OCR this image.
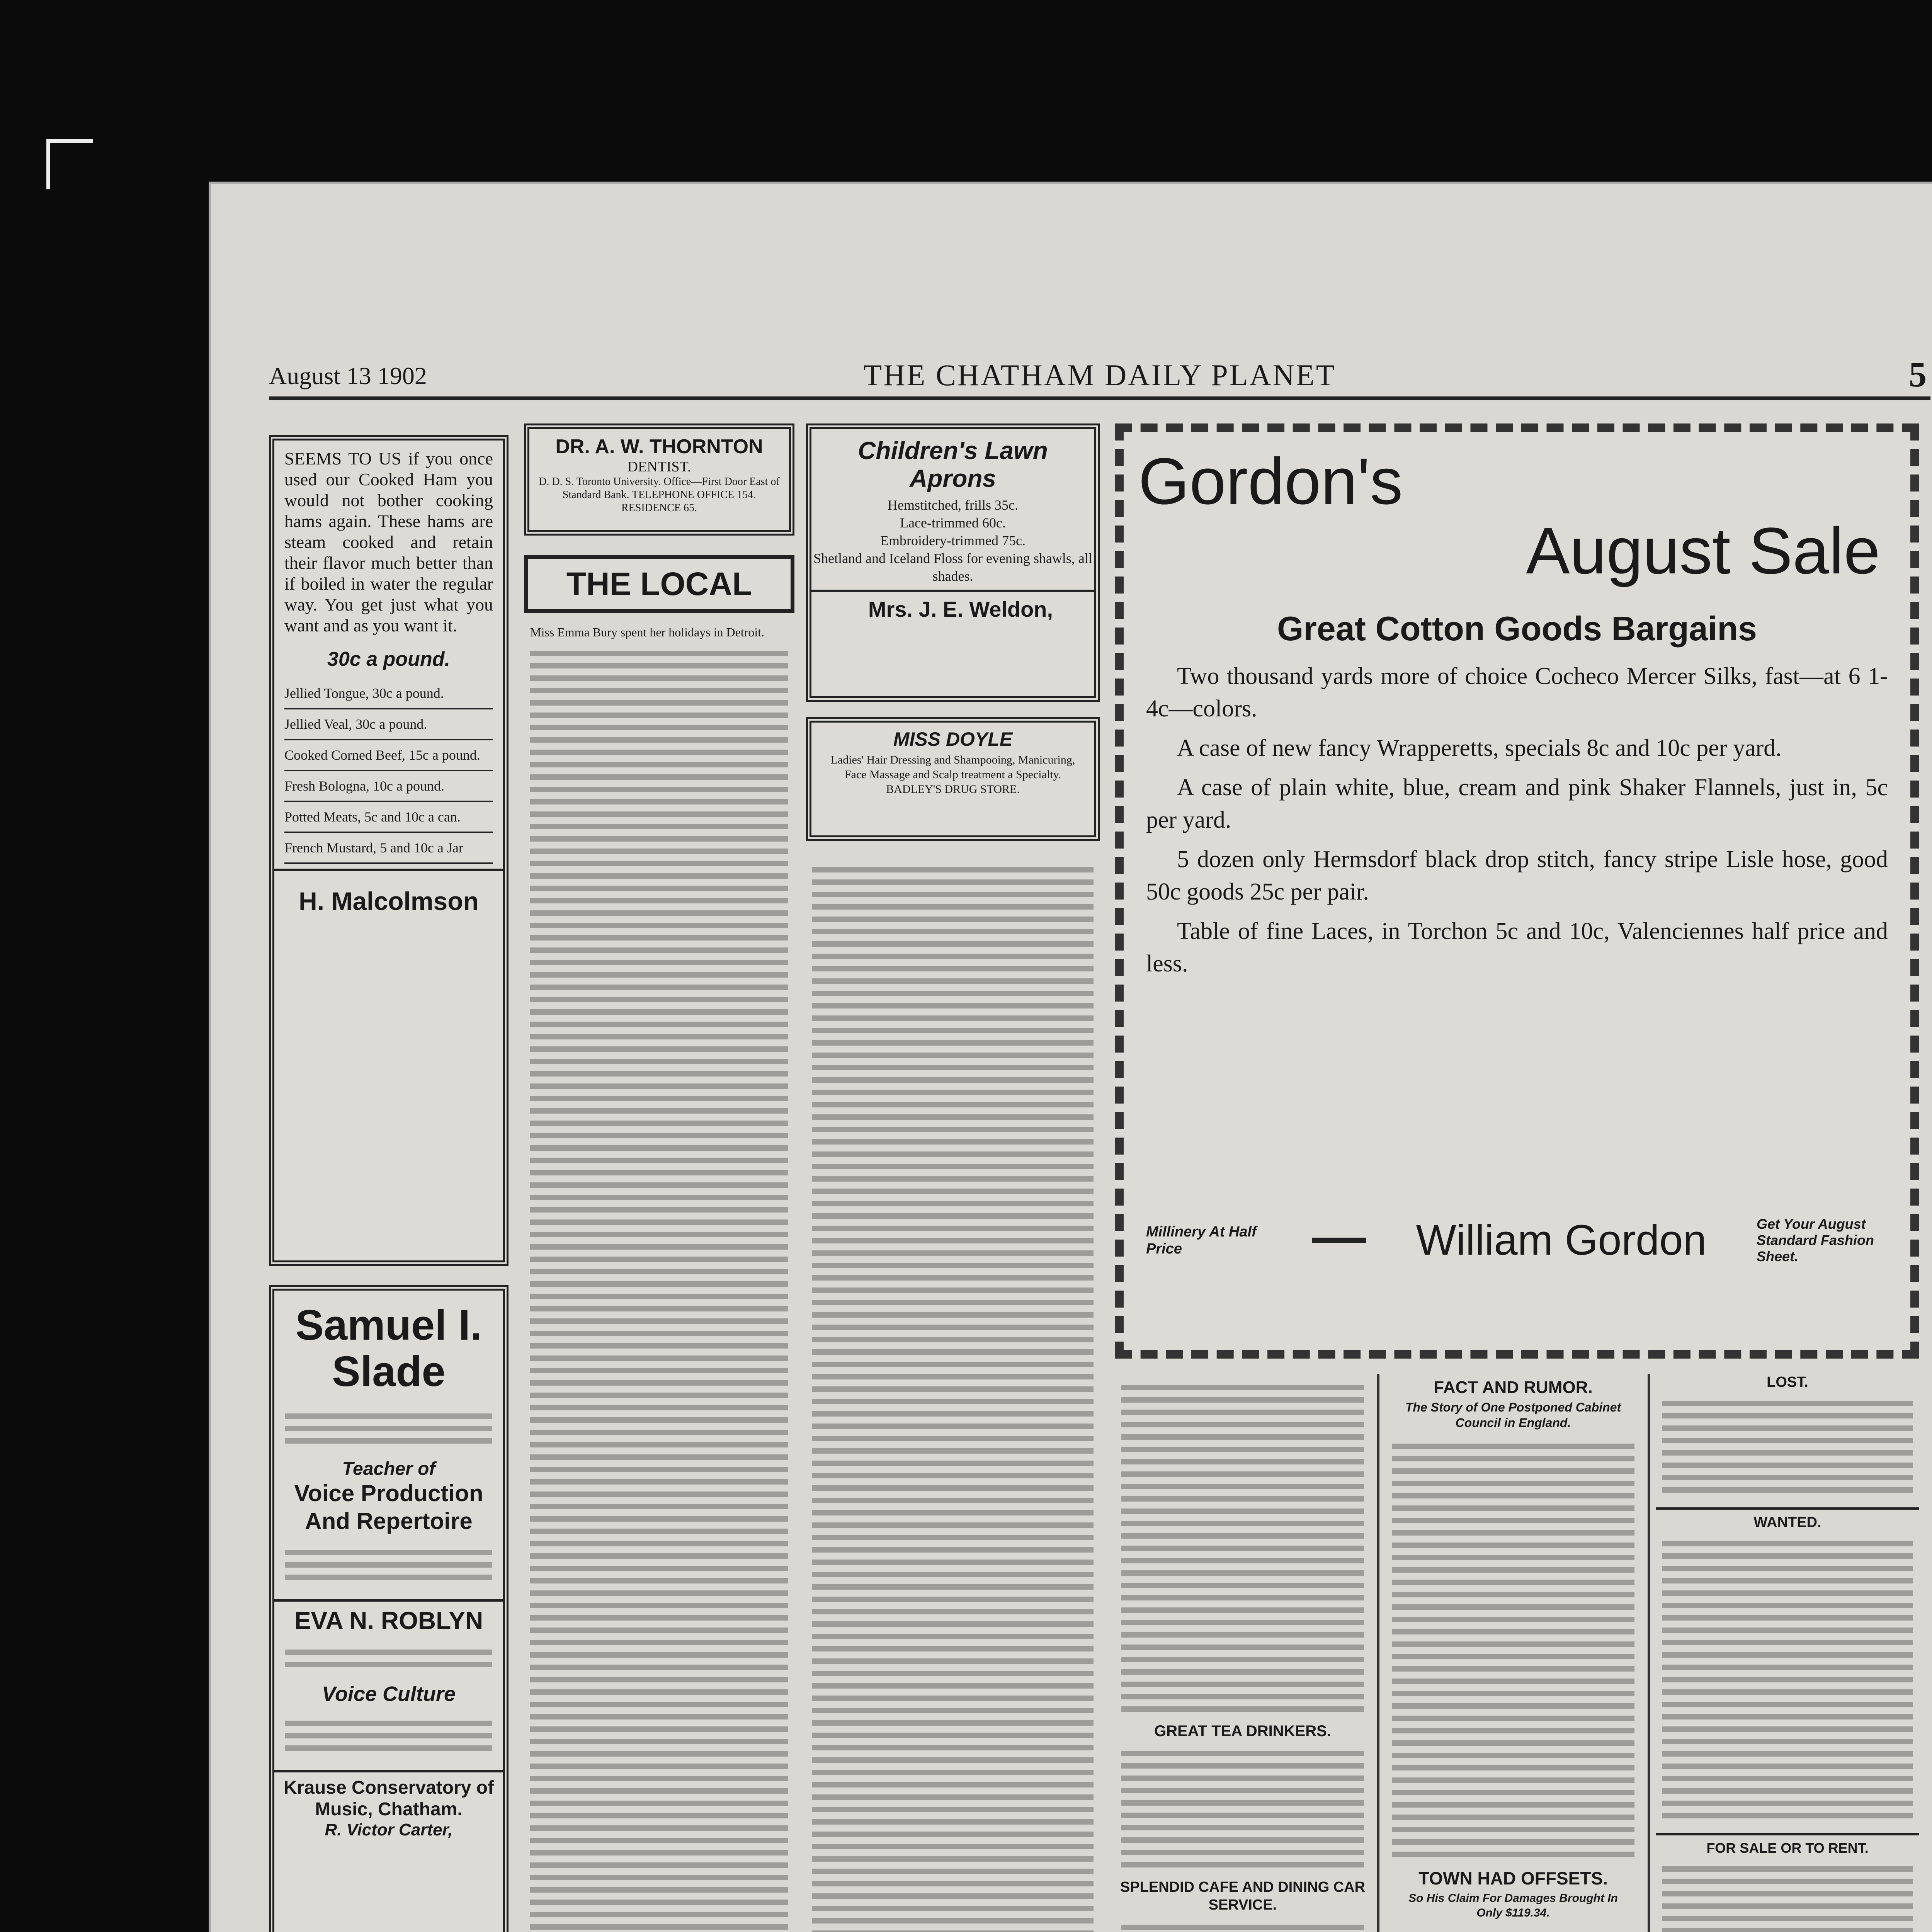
August 13 1902	THE CHATHAM DAILY PLANET	5
SEEMS TO US if you once used our Cooked Ham you would not bother cooking hams again. These hams are steam cooked and retain their flavor much better than if boiled in water the regular way. You get just what you want and as you want it.
30c a pound.
Jellied Tongue, 30c a pound.
Jellied Veal, 30c a pound.
Cooked Corned Beef, 15c a pound.
Fresh Bologna, 10c a pound.
Potted Meats, 5c and 10c a can.
French Mustard, 5 and 10c a Jar
H. Malcolmson
Samuel I. Slade
Teacher of
Voice Production And Repertoire
EVA N. ROBLYN
Voice Culture
Krause Conservatory of Music, Chatham.
R. Victor Carter,
DR. A. W. THORNTON
DENTIST.
D. D. S. Toronto University. Office—First Door East of Standard Bank. TELEPHONE OFFICE 154. RESIDENCE 65.
THE LOCAL
Miss Emma Bury spent her holidays in Detroit.
Children's Lawn Aprons
Hemstitched, frills 35c.
Lace-trimmed 60c.
Embroidery-trimmed 75c.
Shetland and Iceland Floss for evening shawls, all shades.
Mrs. J. E. Weldon,
MISS DOYLE
Ladies' Hair Dressing and Shampooing, Manicuring, Face Massage and Scalp treatment a Specialty. BADLEY'S DRUG STORE.
Gordon's
August Sale
Great Cotton Goods Bargains
Two thousand yards more of choice Cocheco Mercer Silks, fast—at 6 1-4c—colors.
A case of new fancy Wrapperetts, specials 8c and 10c per yard.
A case of plain white, blue, cream and pink Shaker Flannels, just in, 5c per yard.
5 dozen only Hermsdorf black drop stitch, fancy stripe Lisle hose, good 50c goods 25c per pair.
Table of fine Laces, in Torchon 5c and 10c, Valenciennes half price and less.
Millinery At Half Price	William Gordon	Get Your August Standard Fashion Sheet.
GREAT TEA DRINKERS.
SPLENDID CAFE AND DINING CAR SERVICE.
FACT AND RUMOR.
The Story of One Postponed Cabinet Council in England.
TOWN HAD OFFSETS.
So His Claim For Damages Brought In Only $119.34.
LOST.
WANTED.
FOR SALE OR TO RENT.
